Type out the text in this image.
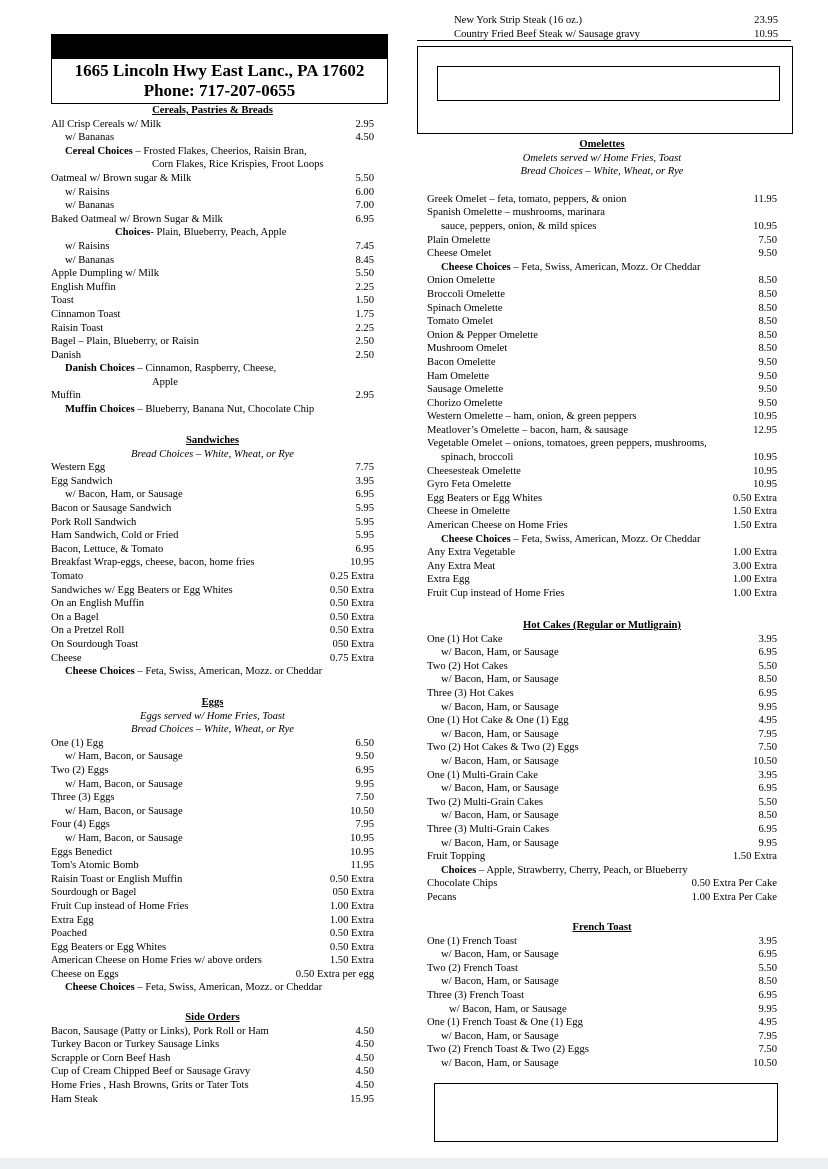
1665 Lincoln Hwy East Lanc., PA 17602
Phone: 717-207-0655
New York Strip Steak (16 oz.)	23.95
Country Fried Beef Steak w/ Sausage gravy	10.95
Cereals, Pastries & Breads
All Crisp Cereals w/ Milk	2.95
w/ Bananas	4.50
Cereal Choices – Frosted Flakes, Cheerios, Raisin Bran,
Corn Flakes, Rice Krispies, Froot Loops
Oatmeal w/ Brown sugar & Milk	5.50
w/ Raisins	6.00
w/ Bananas	7.00
Baked Oatmeal w/ Brown Sugar & Milk	6.95
Choices- Plain, Blueberry, Peach, Apple
w/ Raisins	7.45
w/ Bananas	8.45
Apple Dumpling w/ Milk	5.50
English Muffin	2.25
Toast	1.50
Cinnamon Toast	1.75
Raisin Toast	2.25
Bagel – Plain, Blueberry, or Raisin	2.50
Danish	2.50
Danish Choices – Cinnamon, Raspberry, Cheese,
Apple
Muffin	2.95
Muffin Choices – Blueberry, Banana Nut, Chocolate Chip
Sandwiches
Bread Choices – White, Wheat, or Rye
Western Egg	7.75
Egg Sandwich	3.95
w/ Bacon, Ham, or Sausage	6.95
Bacon or Sausage Sandwich	5.95
Pork Roll Sandwich	5.95
Ham Sandwich, Cold or Fried	5.95
Bacon, Lettuce, & Tomato	6.95
Breakfast Wrap-eggs, cheese, bacon, home fries	10.95
Tomato	0.25 Extra
Sandwiches w/ Egg Beaters or Egg Whites	0.50 Extra
On an English Muffin	0.50 Extra
On a Bagel	0.50 Extra
On a Pretzel Roll	0.50 Extra
On Sourdough Toast	050 Extra
Cheese	0.75 Extra
Cheese Choices – Feta, Swiss, American, Mozz. or Cheddar
Eggs
Eggs served w/ Home Fries, Toast
Bread Choices – White, Wheat, or Rye
One (1) Egg	6.50
w/ Ham, Bacon, or Sausage	9.50
Two (2) Eggs	6.95
w/ Ham, Bacon, or Sausage	9.95
Three (3) Eggs	7.50
w/ Ham, Bacon, or Sausage	10.50
Four (4) Eggs	7.95
w/ Ham, Bacon, or Sausage	10.95
Eggs Benedict	10.95
Tom's Atomic Bomb	11.95
Raisin Toast or English Muffin	0.50 Extra
Sourdough or Bagel	050 Extra
Fruit Cup instead of Home Fries	1.00 Extra
Extra Egg	1.00 Extra
Poached	0.50 Extra
Egg Beaters or Egg Whites	0.50 Extra
American Cheese on Home Fries w/ above orders	1.50 Extra
Cheese on Eggs	0.50 Extra per egg
Cheese Choices – Feta, Swiss, American, Mozz. or Cheddar
Side Orders
Bacon, Sausage (Patty or Links), Pork Roll or Ham	4.50
Turkey Bacon or Turkey Sausage Links	4.50
Scrapple or Corn Beef Hash	4.50
Cup of Cream Chipped Beef or Sausage Gravy	4.50
Home Fries , Hash Browns, Grits or Tater Tots	4.50
Ham Steak	15.95
Omelettes
Omelets served w/ Home Fries, Toast
Bread Choices – White, Wheat, or Rye
Greek Omelet – feta, tomato, peppers, & onion	11.95
Spanish Omelette – mushrooms, marinara
sauce, peppers, onion, & mild spices	10.95
Plain Omelette	7.50
Cheese Omelet	9.50
Cheese Choices – Feta, Swiss, American, Mozz. Or Cheddar
Onion Omelette	8.50
Broccoli Omelette	8.50
Spinach Omelette	8.50
Tomato Omelet	8.50
Onion & Pepper Omelette	8.50
Mushroom Omelet	8.50
Bacon Omelette	9.50
Ham Omelette	9.50
Sausage Omelette	9.50
Chorizo Omelette	9.50
Western Omelette – ham, onion, & green peppers	10.95
Meatlover’s Omelette – bacon, ham, & sausage	12.95
Vegetable Omelet – onions, tomatoes, green peppers, mushrooms,
spinach, broccoli	10.95
Cheesesteak Omelette	10.95
Gyro Feta Omelette	10.95
Egg Beaters or Egg Whites	0.50 Extra
Cheese in Omelette	1.50 Extra
American Cheese on Home Fries	1.50 Extra
Cheese Choices – Feta, Swiss, American, Mozz. Or Cheddar
Any Extra Vegetable	1.00 Extra
Any Extra Meat	3.00 Extra
Extra Egg	1.00 Extra
Fruit Cup instead of Home Fries	1.00 Extra
Hot Cakes (Regular or Mutligrain)
One (1) Hot Cake	3.95
w/ Bacon, Ham, or Sausage	6.95
Two (2) Hot Cakes	5.50
w/ Bacon, Ham, or Sausage	8.50
Three (3) Hot Cakes	6.95
w/ Bacon, Ham, or Sausage	9.95
One (1) Hot Cake & One (1) Egg	4.95
w/ Bacon, Ham, or Sausage	7.95
Two (2) Hot Cakes & Two (2) Eggs	7.50
w/ Bacon, Ham, or Sausage	10.50
One (1) Multi-Grain Cake	3.95
w/ Bacon, Ham, or Sausage	6.95
Two (2) Multi-Grain Cakes	5.50
w/ Bacon, Ham, or Sausage	8.50
Three (3) Multi-Grain Cakes	6.95
w/ Bacon, Ham, or Sausage	9.95
Fruit Topping	1.50 Extra
Choices – Apple, Strawberry, Cherry, Peach, or Blueberry
Chocolate Chips	0.50 Extra Per Cake
Pecans	1.00 Extra Per Cake
French Toast
One (1) French Toast	3.95
w/ Bacon, Ham, or Sausage	6.95
Two (2) French Toast	5.50
w/ Bacon, Ham, or Sausage	8.50
Three (3) French Toast	6.95
w/ Bacon, Ham, or Sausage	9.95
One (1) French Toast & One (1) Egg	4.95
w/ Bacon, Ham, or Sausage	7.95
Two (2) French Toast & Two (2) Eggs	7.50
w/ Bacon, Ham, or Sausage	10.50
